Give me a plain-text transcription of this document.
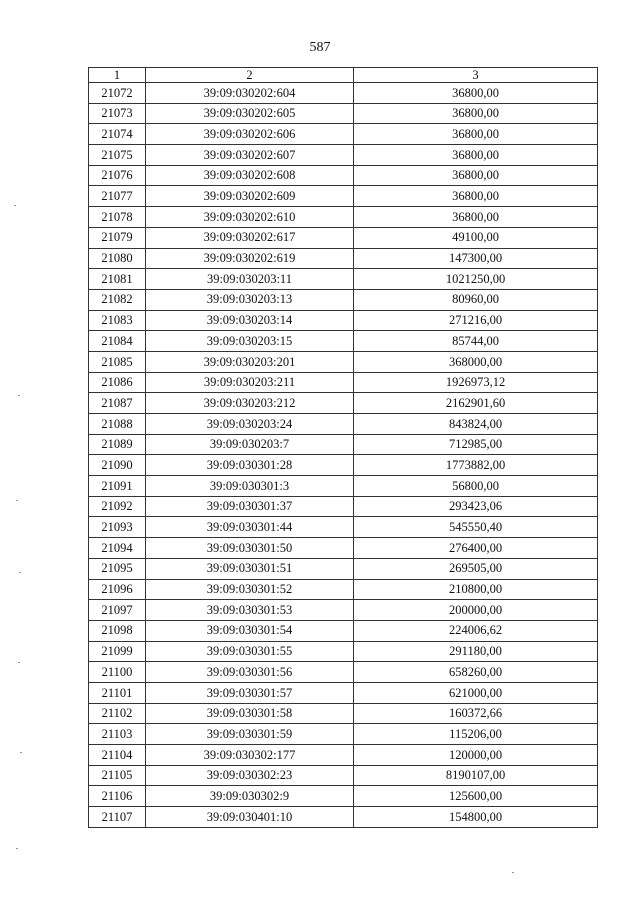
587
1	2	3
21072	39:09:030202:604	36800,00
21073	39:09:030202:605	36800,00
21074	39:09:030202:606	36800,00
21075	39:09:030202:607	36800,00
21076	39:09:030202:608	36800,00
21077	39:09:030202:609	36800,00
21078	39:09:030202:610	36800,00
21079	39:09:030202:617	49100,00
21080	39:09:030202:619	147300,00
21081	39:09:030203:11	1021250,00
21082	39:09:030203:13	80960,00
21083	39:09:030203:14	271216,00
21084	39:09:030203:15	85744,00
21085	39:09:030203:201	368000,00
21086	39:09:030203:211	1926973,12
21087	39:09:030203:212	2162901,60
21088	39:09:030203:24	843824,00
21089	39:09:030203:7	712985,00
21090	39:09:030301:28	1773882,00
21091	39:09:030301:3	56800,00
21092	39:09:030301:37	293423,06
21093	39:09:030301:44	545550,40
21094	39:09:030301:50	276400,00
21095	39:09:030301:51	269505,00
21096	39:09:030301:52	210800,00
21097	39:09:030301:53	200000,00
21098	39:09:030301:54	224006,62
21099	39:09:030301:55	291180,00
21100	39:09:030301:56	658260,00
21101	39:09:030301:57	621000,00
21102	39:09:030301:58	160372,66
21103	39:09:030301:59	115206,00
21104	39:09:030302:177	120000,00
21105	39:09:030302:23	8190107,00
21106	39:09:030302:9	125600,00
21107	39:09:030401:10	154800,00
